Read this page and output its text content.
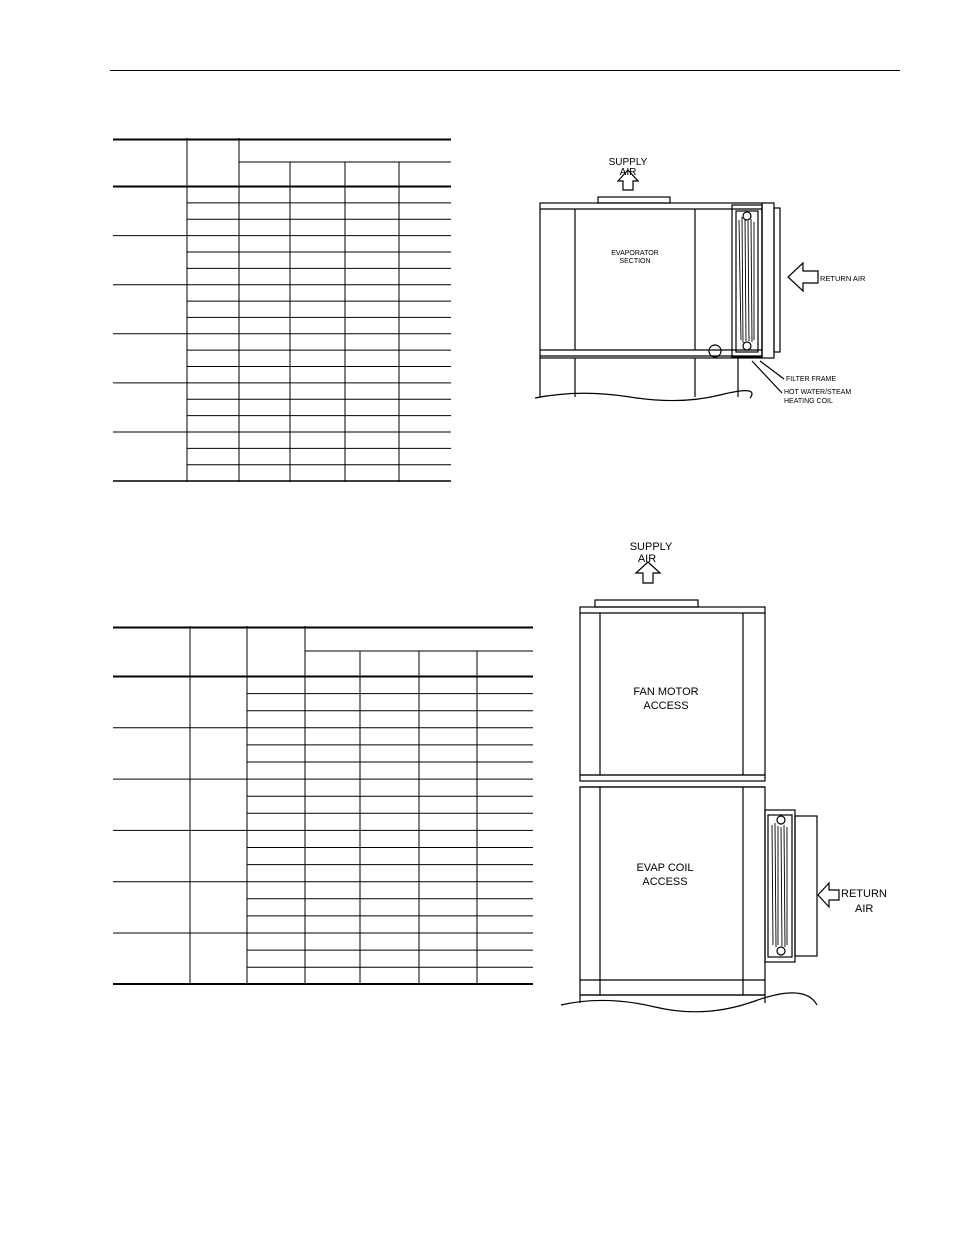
SUPPLY
AIR
EVAPORATOR
SECTION
RETURN AIR
FILTER FRAME
HOT WATER/STEAM
HEATING COIL
SUPPLY
AIR
FAN MOTOR
ACCESS
EVAP COIL
ACCESS
RETURN
AIR
